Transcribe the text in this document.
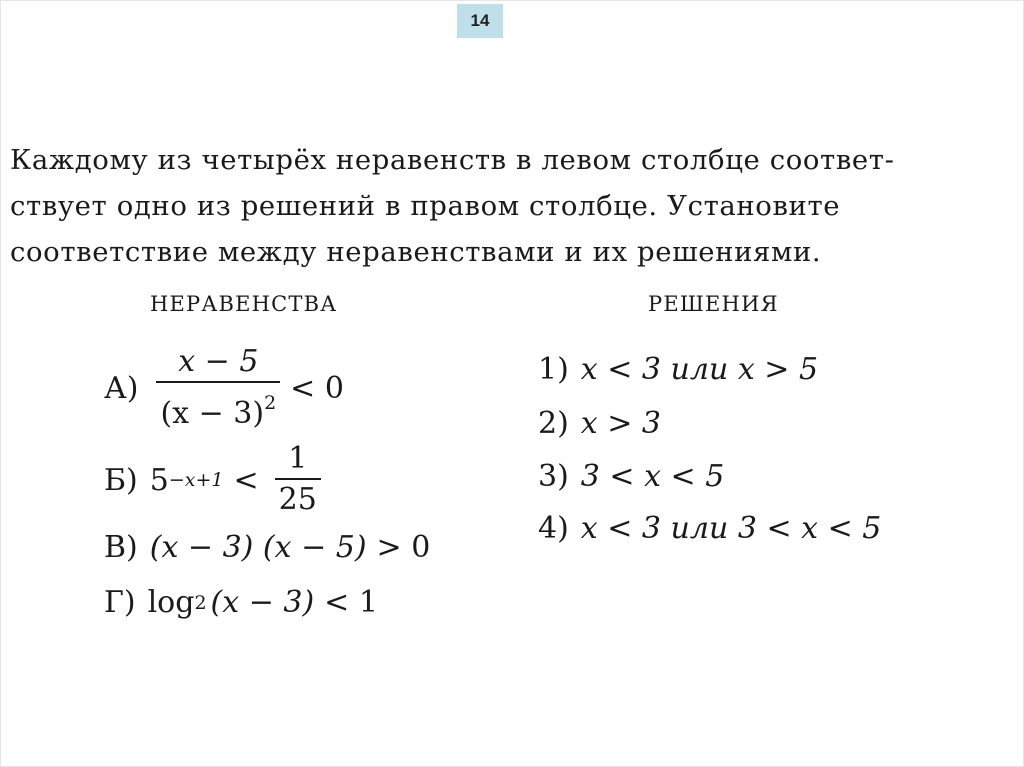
14
Каждому из четырёх неравенств в левом столбце соответ-
ствует одно из решений в правом столбце. Установите
соответствие между неравенствами и их решениями.
НЕРАВЕНСТВА	РЕШЕНИЯ
$А) \frac{x - 5}{(x - 3)^2} < 0$
Б) $5 -x+1 < \frac{1}{25}$
В) (x − 3) (x − 5) > 0
Г) log 2 (x − 3) < 1
1) x < 3 или x > 5
2) x > 3
3) 3 < x < 5
4) x < 3 или 3 < x < 5
